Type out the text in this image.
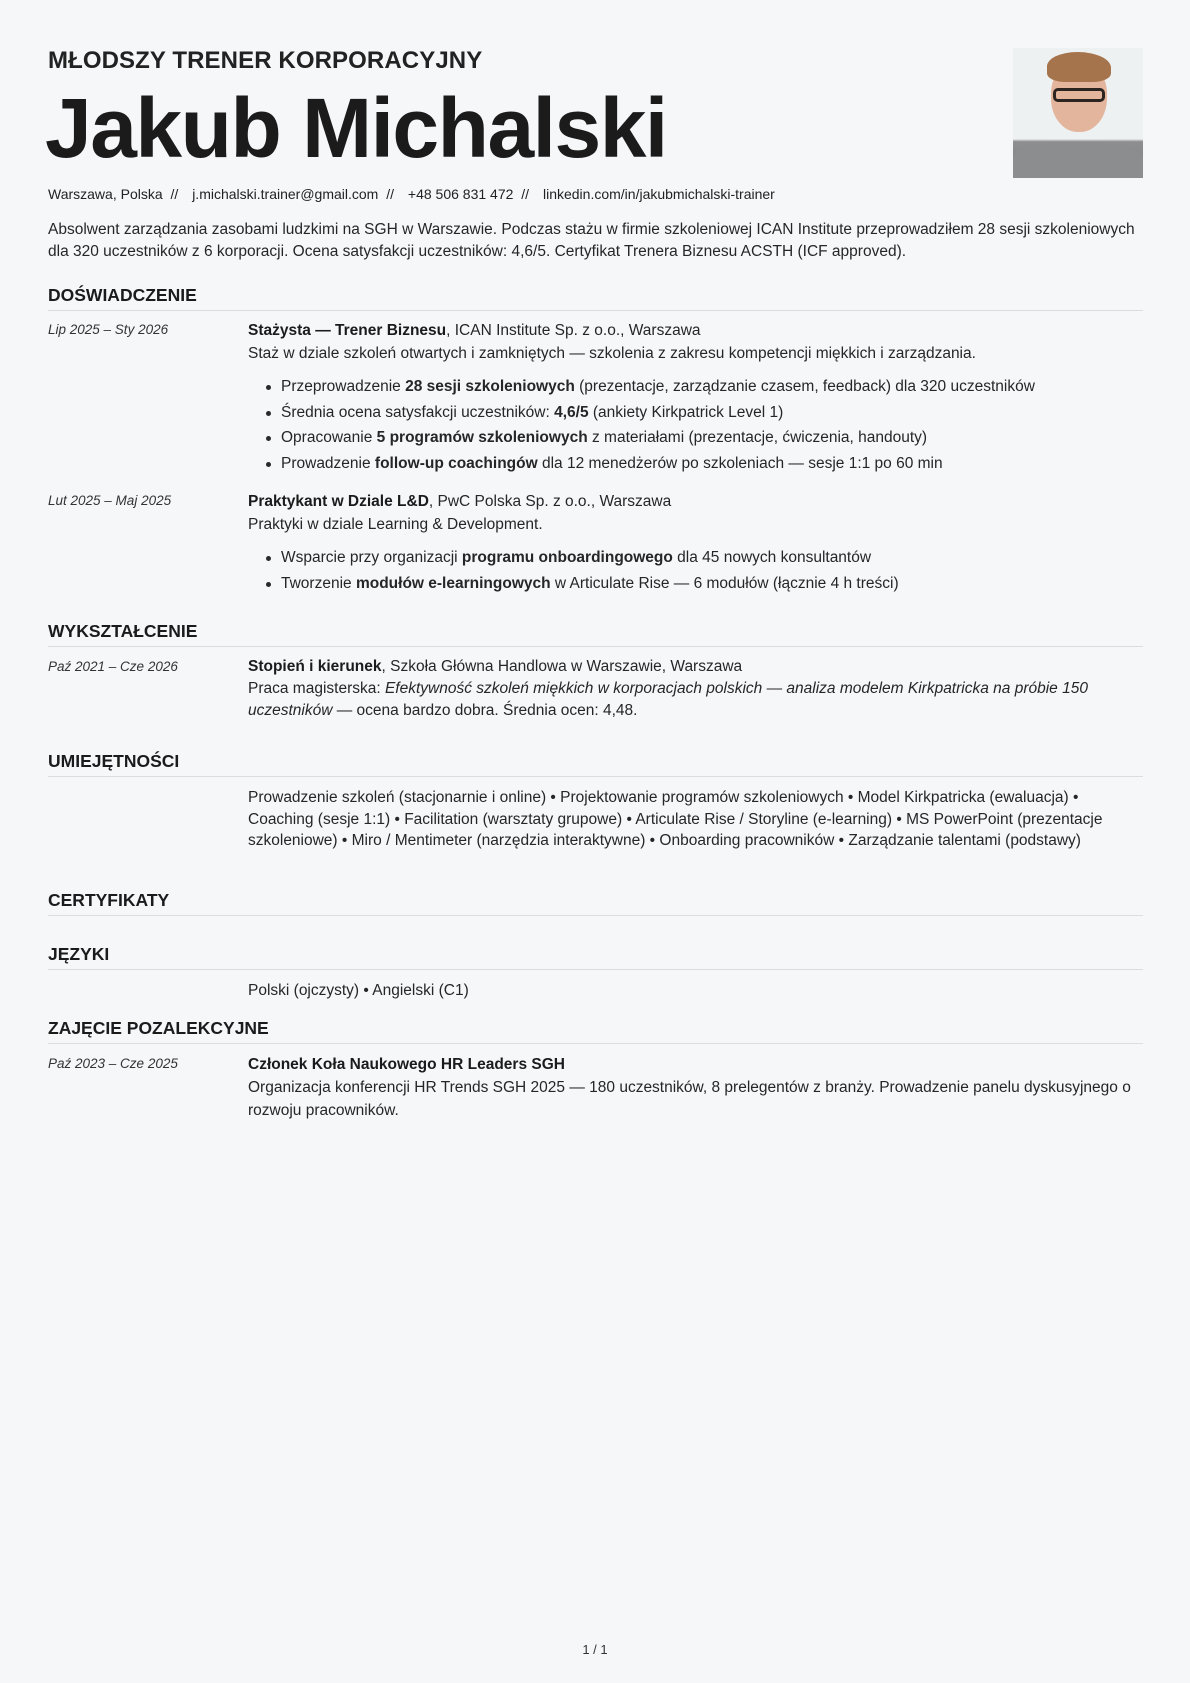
MŁODSZY TRENER KORPORACYJNY
Jakub Michalski
Warszawa, Polska // j.michalski.trainer@gmail.com // +48 506 831 472 // linkedin.com/in/jakubmichalski-trainer
Absolwent zarządzania zasobami ludzkimi na SGH w Warszawie. Podczas stażu w firmie szkoleniowej ICAN Institute przeprowadziłem 28 sesji szkoleniowych dla 320 uczestników z 6 korporacji. Ocena satysfakcji uczestników: 4,6/5. Certyfikat Trenera Biznesu ACSTH (ICF approved).
DOŚWIADCZENIE
Lip 2025 – Sty 2026	Stażysta — Trener Biznesu, ICAN Institute Sp. z o.o., Warszawa
Staż w dziale szkoleń otwartych i zamkniętych — szkolenia z zakresu kompetencji miękkich i zarządzania.
Przeprowadzenie 28 sesji szkoleniowych (prezentacje, zarządzanie czasem, feedback) dla 320 uczestników
Średnia ocena satysfakcji uczestników: 4,6/5 (ankiety Kirkpatrick Level 1)
Opracowanie 5 programów szkoleniowych z materiałami (prezentacje, ćwiczenia, handouty)
Prowadzenie follow-up coachingów dla 12 menedżerów po szkoleniach — sesje 1:1 po 60 min
Lut 2025 – Maj 2025	Praktykant w Dziale L&D, PwC Polska Sp. z o.o., Warszawa
Praktyki w dziale Learning & Development.
Wsparcie przy organizacji programu onboardingowego dla 45 nowych konsultantów
Tworzenie modułów e-learningowych w Articulate Rise — 6 modułów (łącznie 4 h treści)
WYKSZTAŁCENIE
Paź 2021 – Cze 2026	Stopień i kierunek, Szkoła Główna Handlowa w Warszawie, Warszawa
Praca magisterska: Efektywność szkoleń miękkich w korporacjach polskich — analiza modelem Kirkpatricka na próbie 150 uczestników — ocena bardzo dobra. Średnia ocen: 4,48.
UMIEJĘTNOŚCI
Prowadzenie szkoleń (stacjonarnie i online) • Projektowanie programów szkoleniowych • Model Kirkpatricka (ewaluacja) • Coaching (sesje 1:1) • Facilitation (warsztaty grupowe) • Articulate Rise / Storyline (e-learning) • MS PowerPoint (prezentacje szkoleniowe) • Miro / Mentimeter (narzędzia interaktywne) • Onboarding pracowników • Zarządzanie talentami (podstawy)
CERTYFIKATY
JĘZYKI
Polski (ojczysty) • Angielski (C1)
ZAJĘCIE POZALEKCYJNE
Paź 2023 – Cze 2025	Członek Koła Naukowego HR Leaders SGH
Organizacja konferencji HR Trends SGH 2025 — 180 uczestników, 8 prelegentów z branży. Prowadzenie panelu dyskusyjnego o rozwoju pracowników.
1 / 1
